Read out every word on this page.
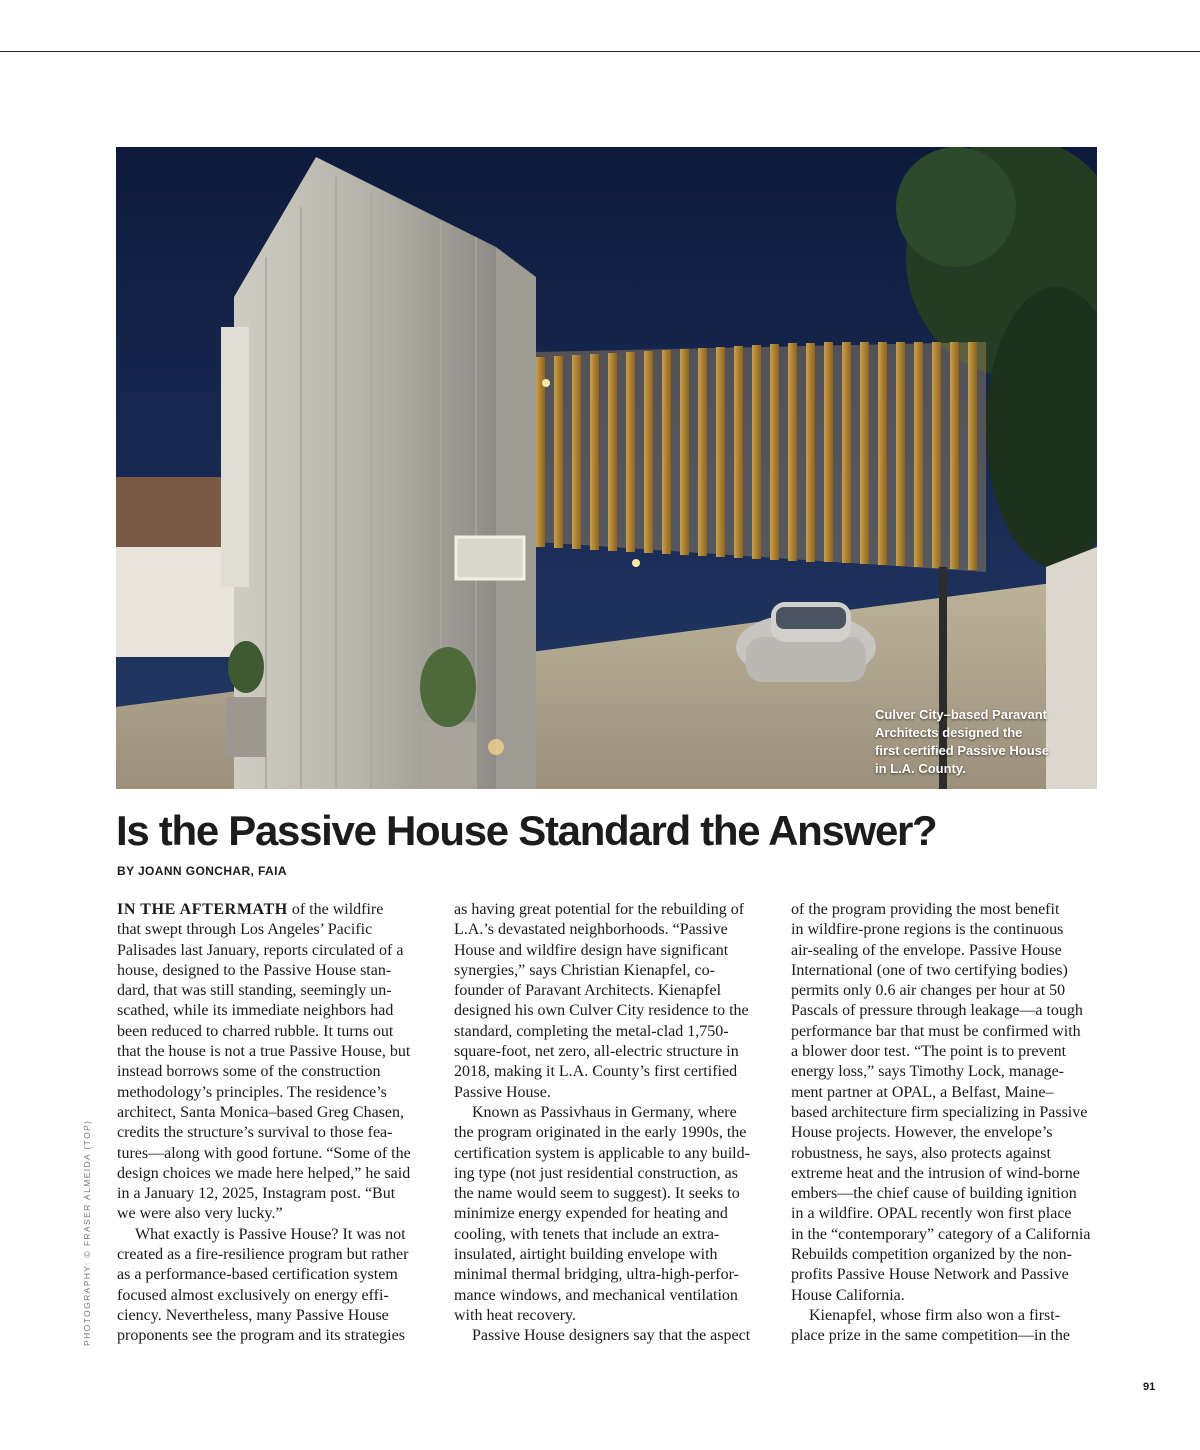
Culver City–based Paravant
Architects designed the
first certified Passive House
in L.A. County.
Is the Passive House Standard the Answer?
BY JOANN GONCHAR, FAIA
PHOTOGRAPHY: © FRASER ALMEIDA (TOP)

IN THE AFTERMATH of the wildfire

that swept through Los Angeles’ Pacific

Palisades last January, reports circulated of a

house, designed to the Passive House stan-

dard, that was still standing, seemingly un-

scathed, while its immediate neighbors had

been reduced to charred rubble. It turns out

that the house is not a true Passive House, but

instead borrows some of the construction

methodology’s principles. The residence’s

architect, Santa Monica–based Greg Chasen,

credits the structure’s survival to those fea-

tures—along with good fortune. “Some of the

design choices we made here helped,” he said

in a January 12, 2025, Instagram post. “But

we were also very lucky.”

What exactly is Passive House? It was not

created as a fire-resilience program but rather

as a performance-based certification system

focused almost exclusively on energy effi-

ciency. Nevertheless, many Passive House

proponents see the program and its strategies

as having great potential for the rebuilding of

L.A.’s devastated neighborhoods. “Passive

House and wildfire design have significant

synergies,” says Christian Kienapfel, co-

founder of Paravant Architects. Kienapfel

designed his own Culver City residence to the

standard, completing the metal-clad 1,750-

square-foot, net zero, all-electric structure in

2018, making it L.A. County’s first certified

Passive House.

Known as Passivhaus in Germany, where

the program originated in the early 1990s, the

certification system is applicable to any build-

ing type (not just residential construction, as

the name would seem to suggest). It seeks to

minimize energy expended for heating and

cooling, with tenets that include an extra-

insulated, airtight building envelope with

minimal thermal bridging, ultra-high-perfor-

mance windows, and mechanical ventilation

with heat recovery.

Passive House designers say that the aspect

of the program providing the most benefit

in wildfire-prone regions is the continuous

air-sealing of the envelope. Passive House

International (one of two certifying bodies)

permits only 0.6 air changes per hour at 50

Pascals of pressure through leakage—a tough

performance bar that must be confirmed with

a blower door test. “The point is to prevent

energy loss,” says Timothy Lock, manage-

ment partner at OPAL, a Belfast, Maine–

based architecture firm specializing in Passive

House projects. However, the envelope’s

robustness, he says, also protects against

extreme heat and the intrusion of wind-borne

embers—the chief cause of building ignition

in a wildfire. OPAL recently won first place

in the “contemporary” category of a California

Rebuilds competition organized by the non-

profits Passive House Network and Passive

House California.

Kienapfel, whose firm also won a first-

place prize in the same competition—in the

91
